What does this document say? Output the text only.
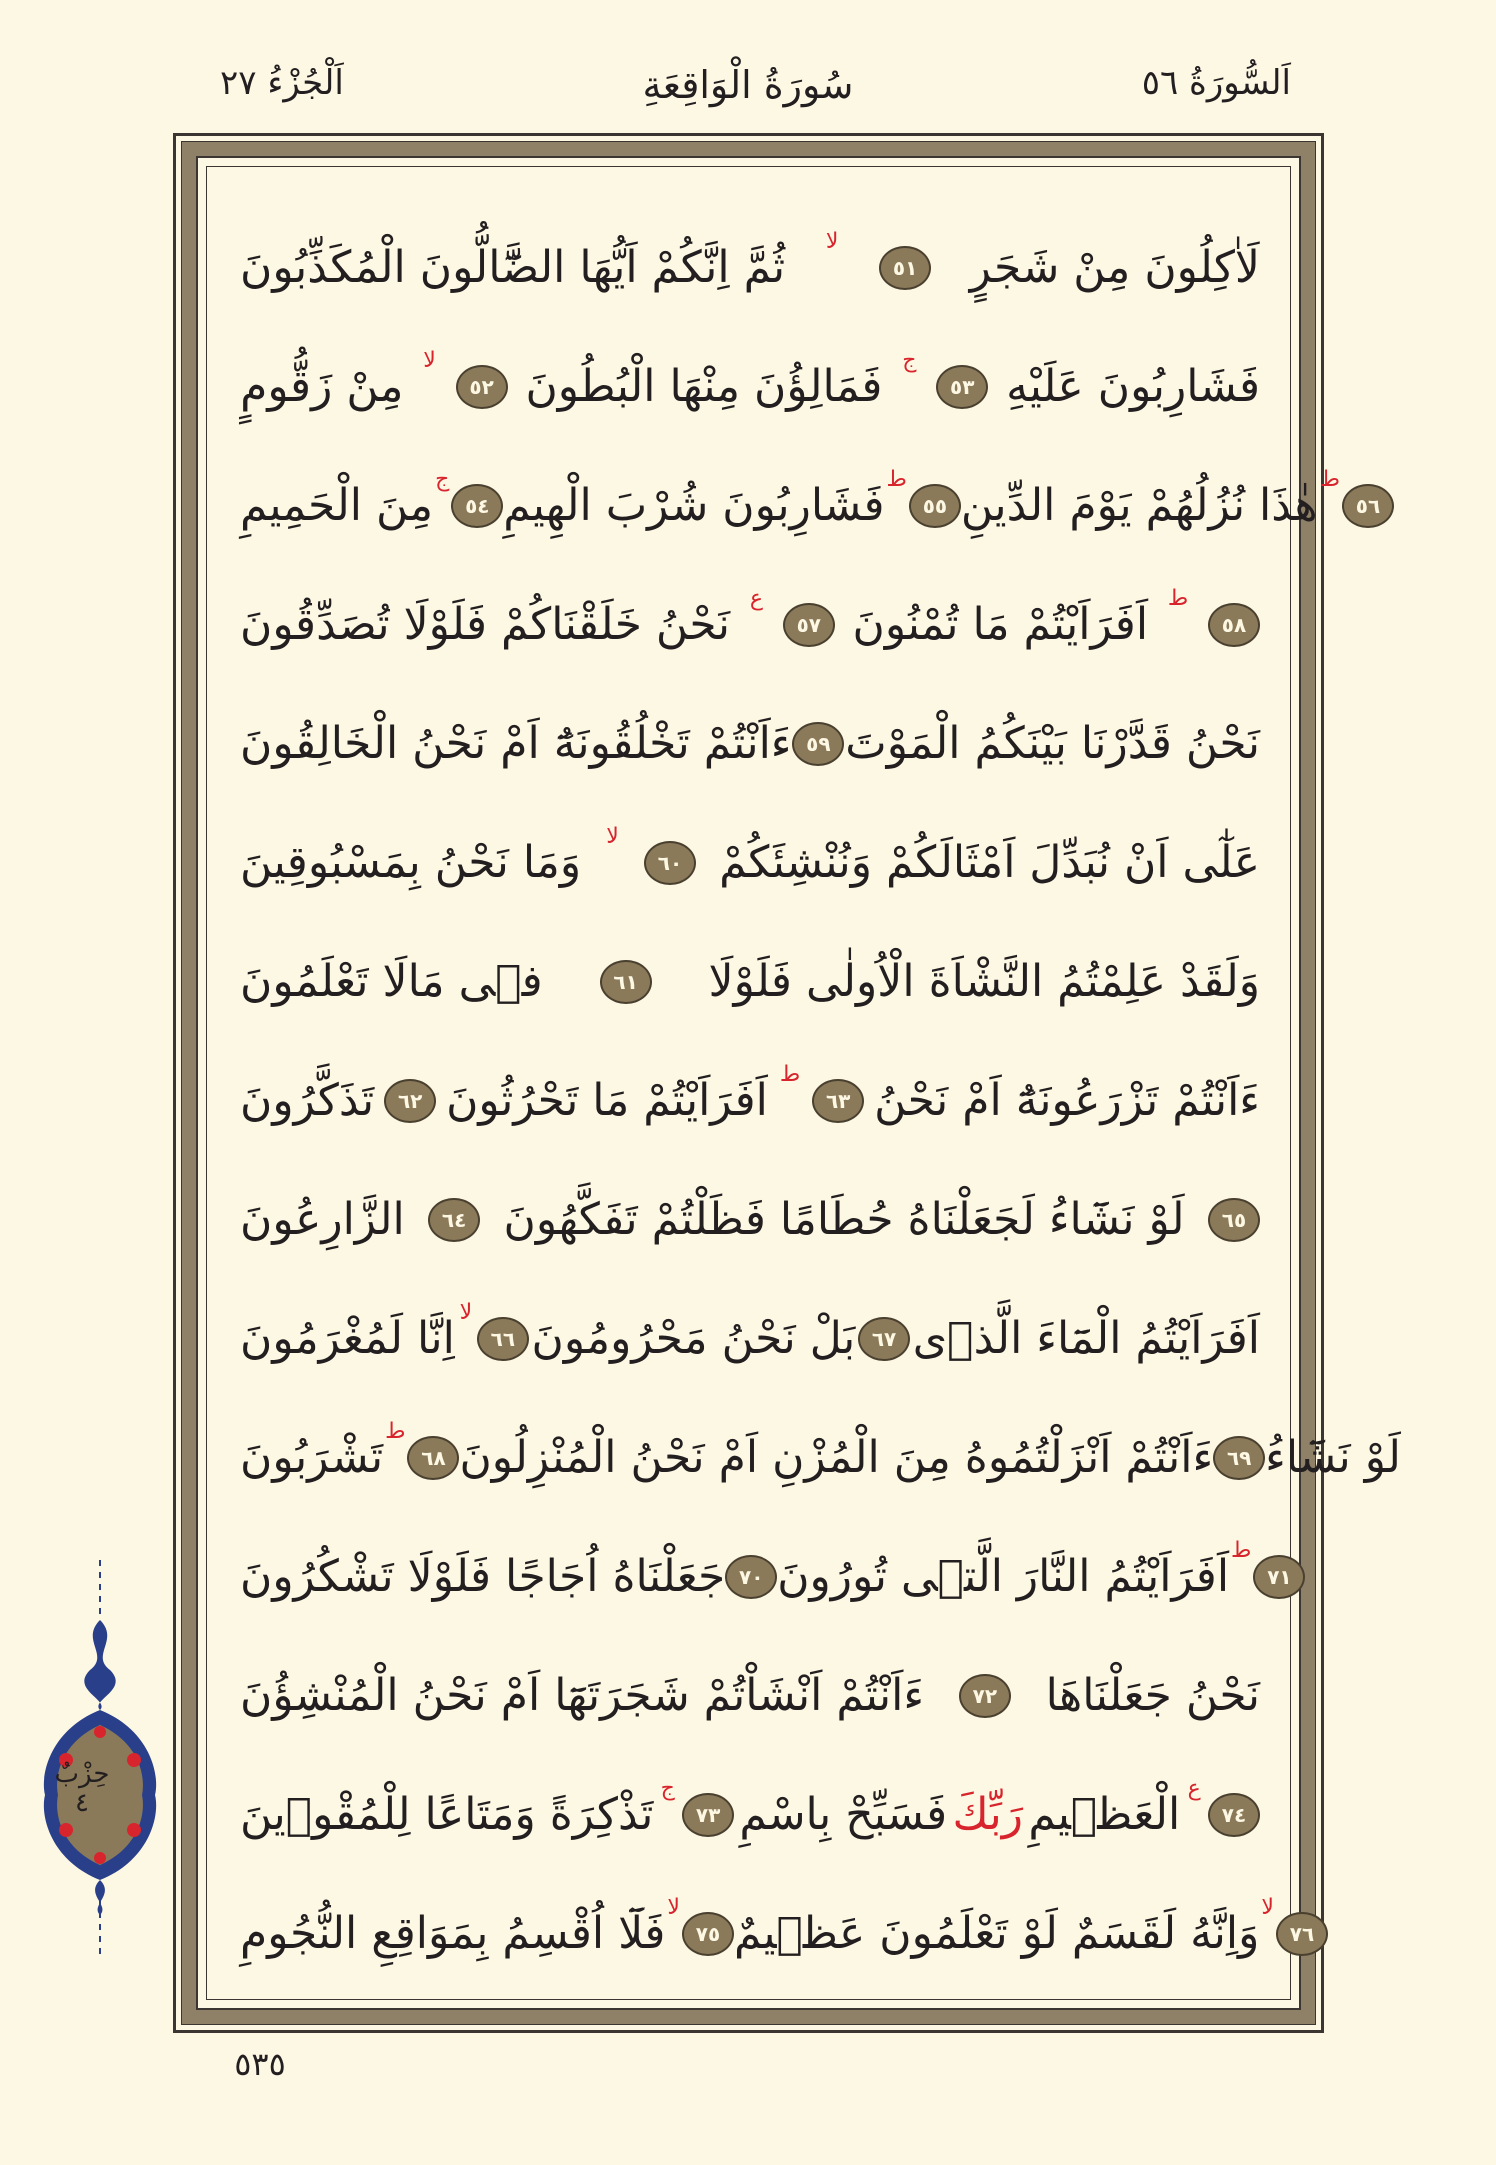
اَلْجُزْءُ ٢٧	سُورَةُ الْوَاقِعَةِ	اَلسُّورَةُ ٥٦
ثُمَّ اِنَّكُمْ اَيُّهَا الضَّٓالُّونَ الْمُكَذِّبُونَ
لا
٥١	لَاٰكِلُونَ مِنْ شَجَرٍ
مِنْ زَقُّومٍ
لا
٥٢ فَمَالِؤُنَ مِنْهَا الْبُطُونَ
ج
٥٣ فَشَارِبُونَ عَلَيْهِ
مِنَ الْحَمِيمِ
ج
٥٤ فَشَارِبُونَ شُرْبَ الْهِيمِ
ط
٥٥ هٰذَا نُزُلُهُمْ يَوْمَ الدِّينِ
ط
٥٦
نَحْنُ خَلَقْنَاكُمْ فَلَوْلَا تُصَدِّقُونَ
ع
٥٧ اَفَرَاَيْتُمْ مَا تُمْنُونَ
ط
٥٨
ءَاَنْتُمْ تَخْلُقُونَهُٓ اَمْ نَحْنُ الْخَالِقُونَ ٥٩ نَحْنُ قَدَّرْنَا بَيْنَكُمُ الْمَوْتَ
وَمَا نَحْنُ بِمَسْبُوقِينَ
لا
٦٠ عَلٰٓى اَنْ نُبَدِّلَ اَمْثَالَكُمْ وَنُنْشِئَكُمْ
فٖى مَالَا تَعْلَمُونَ	٦١	وَلَقَدْ عَلِمْتُمُ النَّشْاَةَ الْاُولٰى فَلَوْلَا
تَذَكَّرُونَ	٦٢ اَفَرَاَيْتُمْ مَا تَحْرُثُونَ
ط
٦٣ ءَاَنْتُمْ تَزْرَعُونَهُٓ اَمْ نَحْنُ
الزَّارِعُونَ	٦٤ لَوْ نَشَٓاءُ لَجَعَلْنَاهُ حُطَامًا فَظَلْتُمْ تَفَكَّهُونَ	٦٥
اِنَّا لَمُغْرَمُونَ
لا
٦٦ بَلْ نَحْنُ مَحْرُومُونَ ٦٧ اَفَرَاَيْتُمُ الْمَٓاءَ الَّذٖى
تَشْرَبُونَ
ط
٦٨ ءَاَنْتُمْ اَنْزَلْتُمُوهُ مِنَ الْمُزْنِ اَمْ نَحْنُ الْمُنْزِلُونَ ٦٩ لَوْ نَشَٓاءُ
جَعَلْنَاهُ اُجَاجًا فَلَوْلَا تَشْكُرُونَ ٧٠ اَفَرَاَيْتُمُ النَّارَ الَّتٖى تُورُونَ
ط
٧١
ءَاَنْتُمْ اَنْشَاْتُمْ شَجَرَتَهَٓا اَمْ نَحْنُ الْمُنْشِؤُنَ	٧٢	نَحْنُ جَعَلْنَاهَا
تَذْكِرَةً وَمَتَاعًا لِلْمُقْوٖينَ
ج
٧٣ فَسَبِّحْ بِاسْمِ رَبِّكَ الْعَظٖيمِ
ع
٧٤
فَلَٓا اُقْسِمُ بِمَوَاقِعِ النُّجُومِ
لا
٧٥ وَاِنَّهُ لَقَسَمٌ لَوْ تَعْلَمُونَ عَظٖيمٌ
لا
٧٦
حِزْبٌ
٤
٥٣٥
